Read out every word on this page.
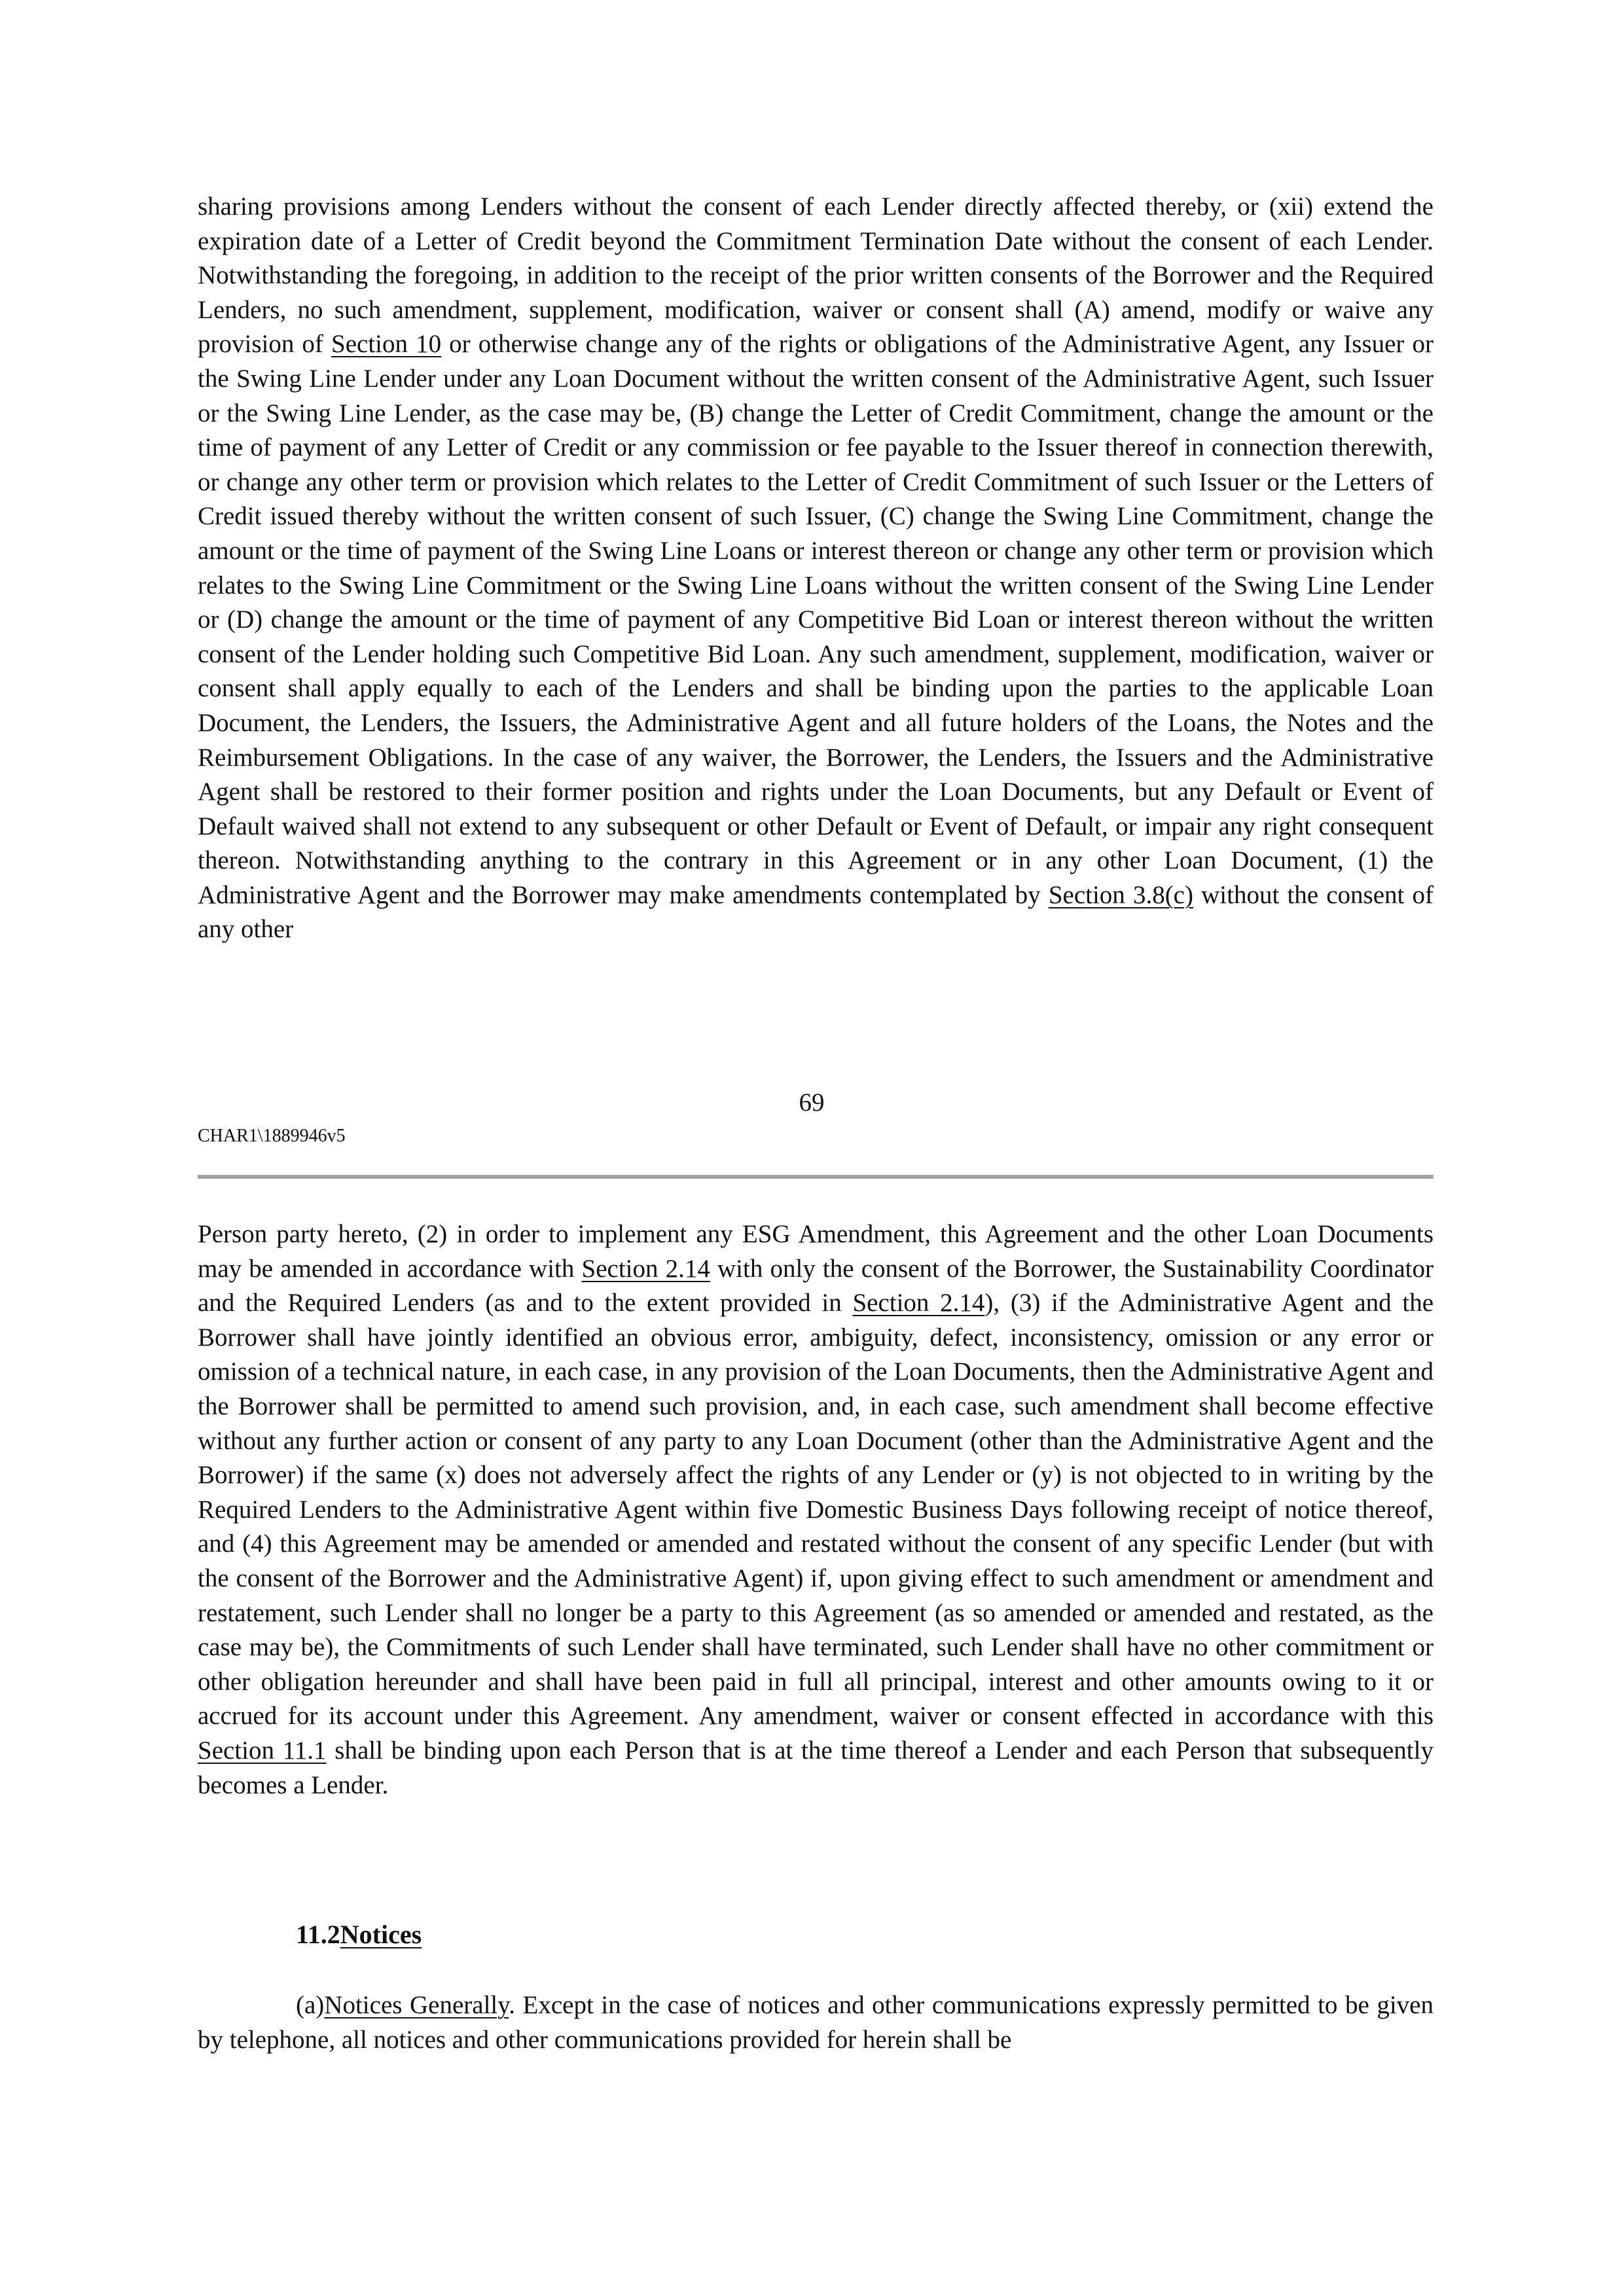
sharing provisions among Lenders without the consent of each Lender directly affected thereby, or (xii) extend the expiration date of a Letter of Credit beyond the Commitment Termination Date without the consent of each Lender. Notwithstanding the foregoing, in addition to the receipt of the prior written consents of the Borrower and the Required Lenders, no such amendment, supplement, modification, waiver or consent shall (A) amend, modify or waive any provision of Section 10 or otherwise change any of the rights or obligations of the Administrative Agent, any Issuer or the Swing Line Lender under any Loan Document without the written consent of the Administrative Agent, such Issuer or the Swing Line Lender, as the case may be, (B) change the Letter of Credit Commitment, change the amount or the time of payment of any Letter of Credit or any commission or fee payable to the Issuer thereof in connection therewith, or change any other term or provision which relates to the Letter of Credit Commitment of such Issuer or the Letters of Credit issued thereby without the written consent of such Issuer, (C) change the Swing Line Commitment, change the amount or the time of payment of the Swing Line Loans or interest thereon or change any other term or provision which relates to the Swing Line Commitment or the Swing Line Loans without the written consent of the Swing Line Lender or (D) change the amount or the time of payment of any Competitive Bid Loan or interest thereon without the written consent of the Lender holding such Competitive Bid Loan. Any such amendment, supplement, modification, waiver or consent shall apply equally to each of the Lenders and shall be binding upon the parties to the applicable Loan Document, the Lenders, the Issuers, the Administrative Agent and all future holders of the Loans, the Notes and the Reimbursement Obligations. In the case of any waiver, the Borrower, the Lenders, the Issuers and the Administrative Agent shall be restored to their former position and rights under the Loan Documents, but any Default or Event of Default waived shall not extend to any subsequent or other Default or Event of Default, or impair any right consequent thereon. Notwithstanding anything to the contrary in this Agreement or in any other Loan Document, (1) the Administrative Agent and the Borrower may make amendments contemplated by Section 3.8(c) without the consent of any other

69
CHAR1\1889946v5

Person party hereto, (2) in order to implement any ESG Amendment, this Agreement and the other Loan Documents may be amended in accordance with Section 2.14 with only the consent of the Borrower, the Sustainability Coordinator and the Required Lenders (as and to the extent provided in Section 2.14), (3) if the Administrative Agent and the Borrower shall have jointly identified an obvious error, ambiguity, defect, inconsistency, omission or any error or omission of a technical nature, in each case, in any provision of the Loan Documents, then the Administrative Agent and the Borrower shall be permitted to amend such provision, and, in each case, such amendment shall become effective without any further action or consent of any party to any Loan Document (other than the Administrative Agent and the Borrower) if the same (x) does not adversely affect the rights of any Lender or (y) is not objected to in writing by the Required Lenders to the Administrative Agent within five Domestic Business Days following receipt of notice thereof, and (4) this Agreement may be amended or amended and restated without the consent of any specific Lender (but with the consent of the Borrower and the Administrative Agent) if, upon giving effect to such amendment or amendment and restatement, such Lender shall no longer be a party to this Agreement (as so amended or amended and restated, as the case may be), the Commitments of such Lender shall have terminated, such Lender shall have no other commitment or other obligation hereunder and shall have been paid in full all principal, interest and other amounts owing to it or accrued for its account under this Agreement. Any amendment, waiver or consent effected in accordance with this Section 11.1 shall be binding upon each Person that is at the time thereof a Lender and each Person that subsequently becomes a Lender.

11.2Notices

(a)Notices Generally. Except in the case of notices and other communications expressly permitted to be given by telephone, all notices and other communications provided for herein shall be
